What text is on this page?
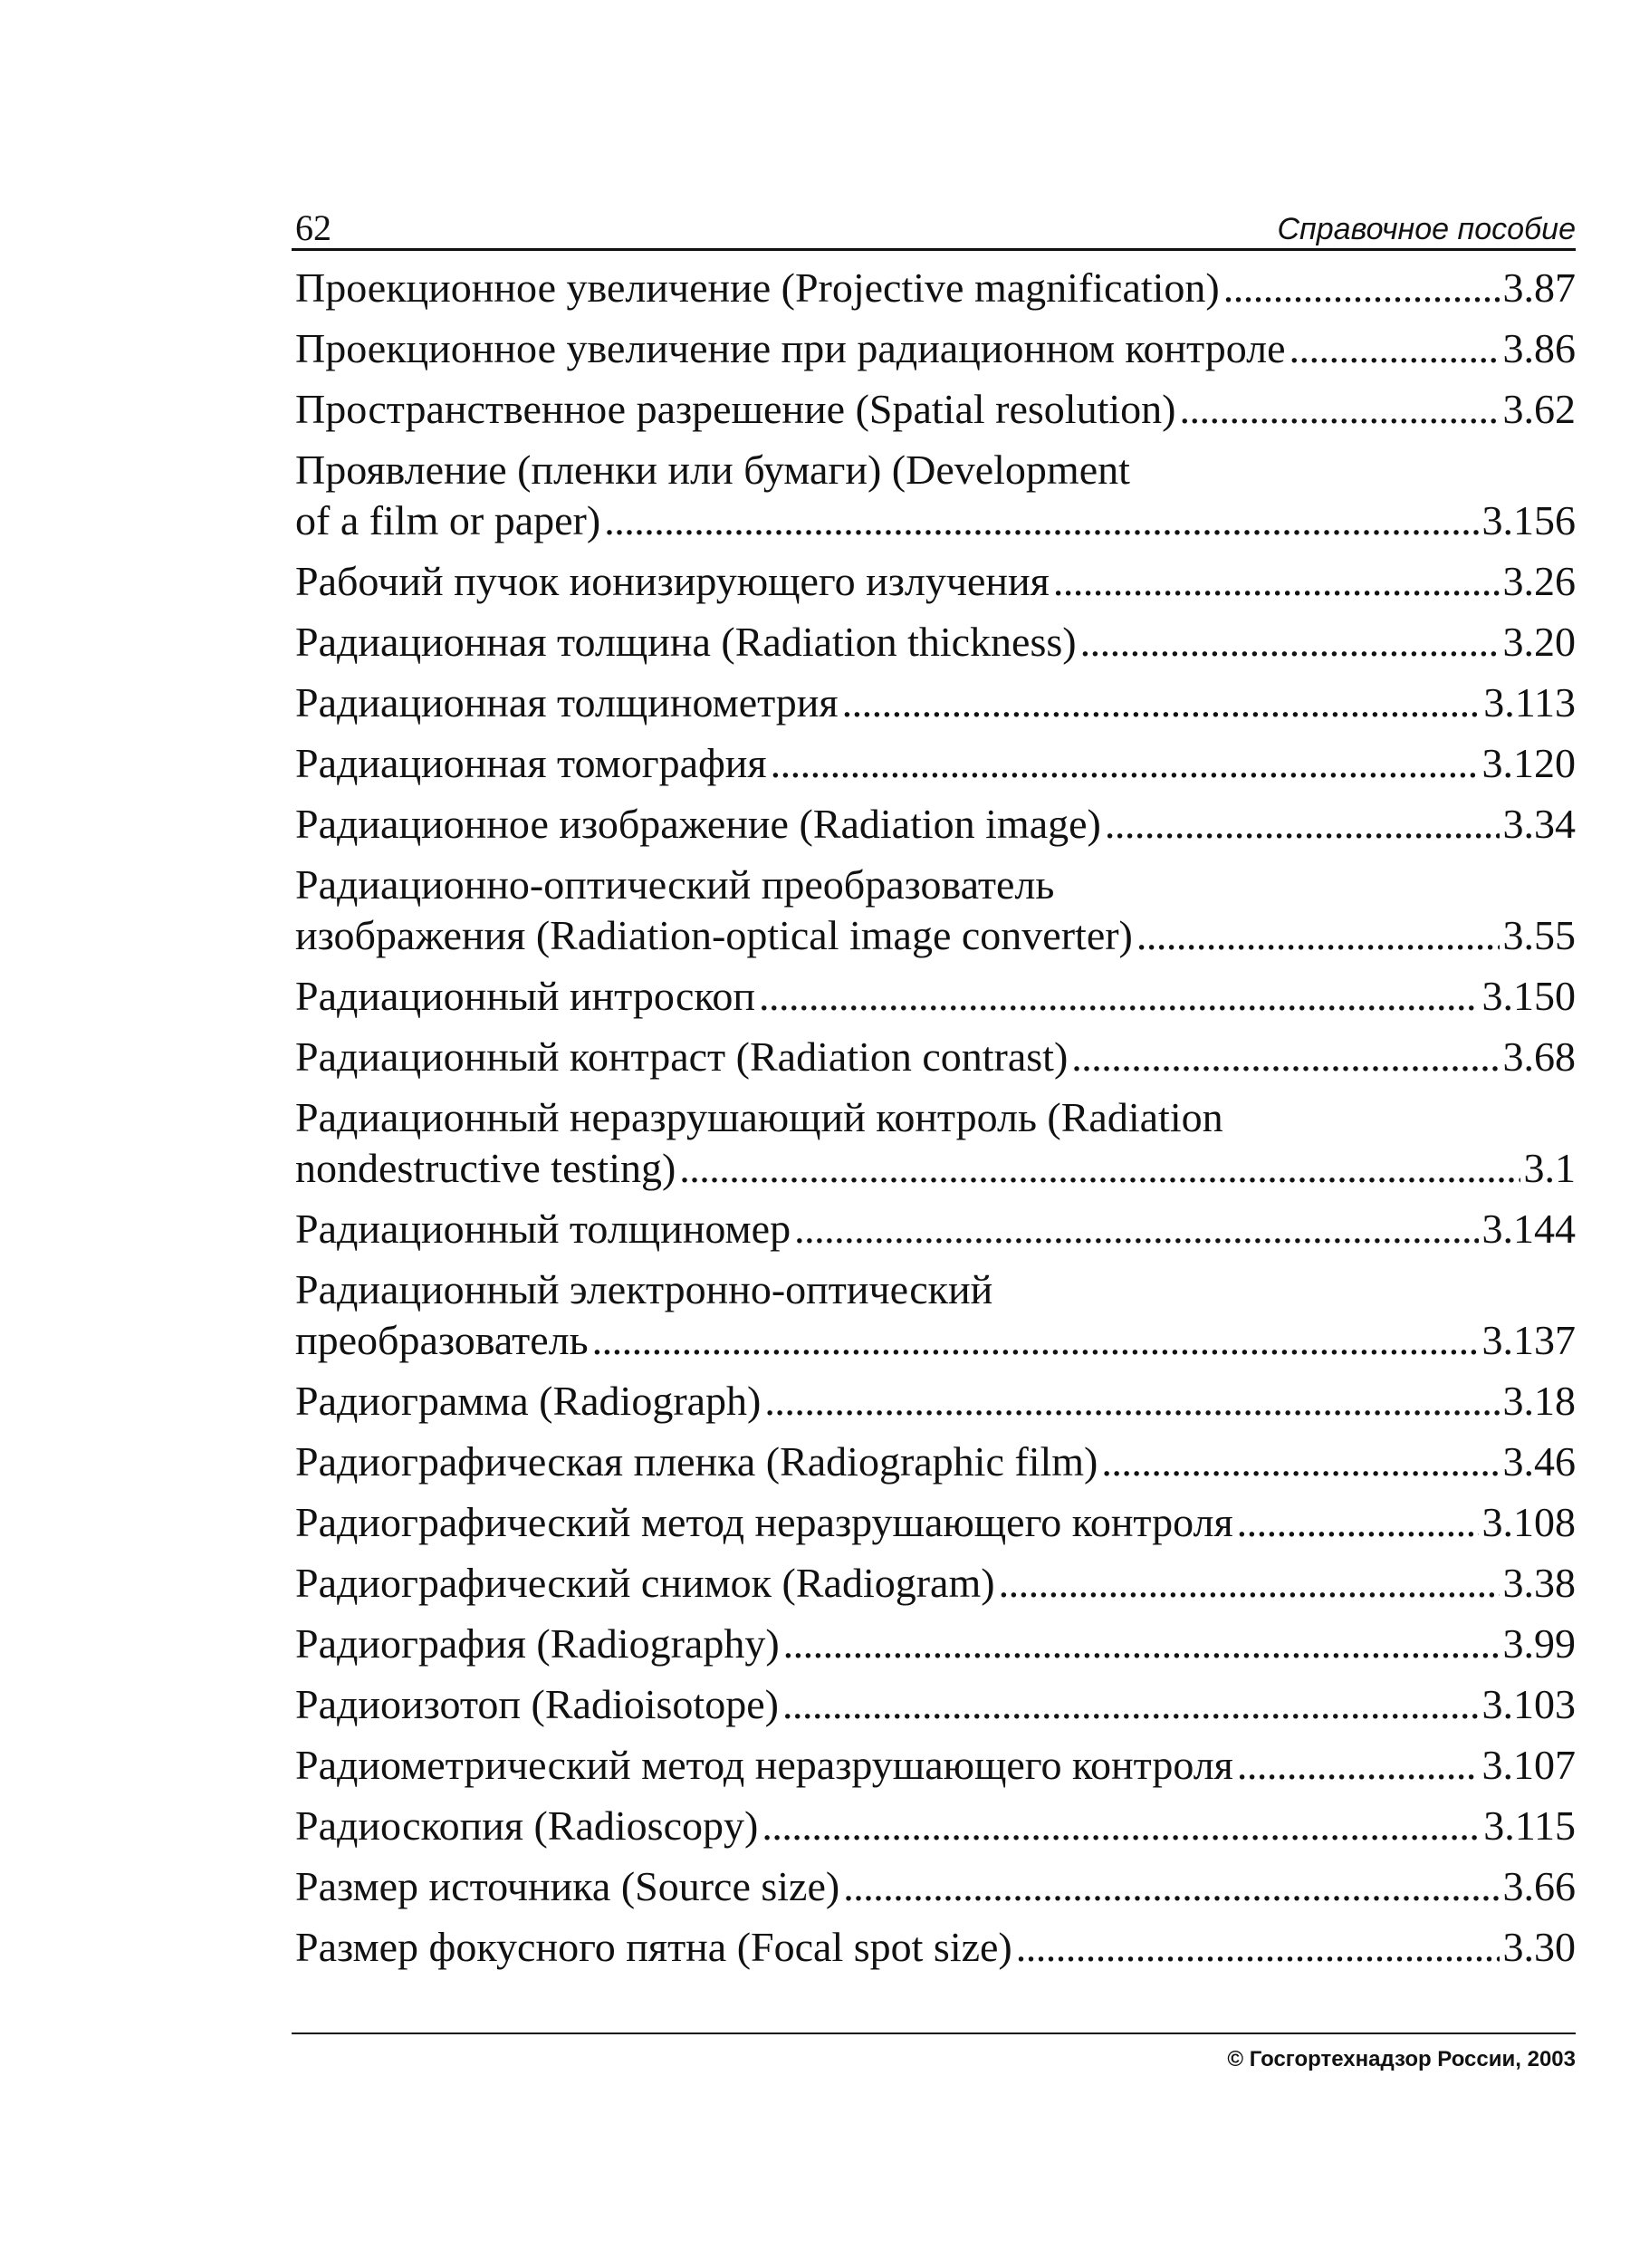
62	Справочное пособие
Проекционное увеличение (Projective magnification) . . .	3.87
Проекционное увеличение при радиационном контроле . . .	3.86
Пространственное разрешение (Spatial resolution) . . .	3.62
Проявление (пленки или бумаги) (Development
of a film or paper) . . .	3.156
Рабочий пучок ионизирующего излучения . . .	3.26
Радиационная толщина (Radiation thickness) . . .	3.20
Радиационная толщинометрия . . .	3.113
Радиационная томография . . .	3.120
Радиационное изображение (Radiation image) . . .	3.34
Радиационно-оптический преобразователь
изображения (Radiation-optical image converter) . . .	3.55
Радиационный интроскоп . . .	3.150
Радиационный контраст (Radiation contrast) . . .	3.68
Радиационный неразрушающий контроль (Radiation
nondestructive testing) . . .	3.1
Радиационный толщиномер . . .	3.144
Радиационный электронно-оптический
преобразователь . . .	3.137
Радиограмма (Radiograph) . . .	3.18
Радиографическая пленка (Radiographic film) . . .	3.46
Радиографический метод неразрушающего контроля . . .	3.108
Радиографический снимок (Radiogram) . . .	3.38
Радиография (Radiography) . . .	3.99
Радиоизотоп (Radioisotope) . . .	3.103
Радиометрический метод неразрушающего контроля . . .	3.107
Радиоскопия (Radioscopy) . . .	3.115
Размер источника (Source size) . . .	3.66
Размер фокусного пятна (Focal spot size) . . .	3.30
© Госгортехнадзор России, 2003
